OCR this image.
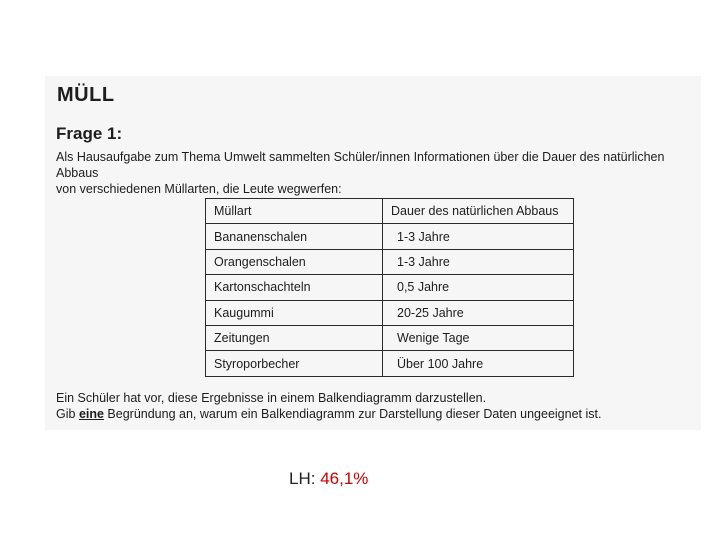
MÜLL
Frage 1:
Als Hausaufgabe zum Thema Umwelt sammelten Schüler/innen Informationen über die Dauer des natürlichen Abbaus
von verschiedenen Müllarten, die Leute wegwerfen:
Müllart	Dauer des natürlichen Abbaus
Bananenschalen	1-3 Jahre
Orangenschalen	1-3 Jahre
Kartonschachteln	0,5 Jahre
Kaugummi	20-25 Jahre
Zeitungen	Wenige Tage
Styroporbecher	Über 100 Jahre
Ein Schüler hat vor, diese Ergebnisse in einem Balkendiagramm darzustellen.
Gib eine Begründung an, warum ein Balkendiagramm zur Darstellung dieser Daten ungeeignet ist.
LH: 46,1%
